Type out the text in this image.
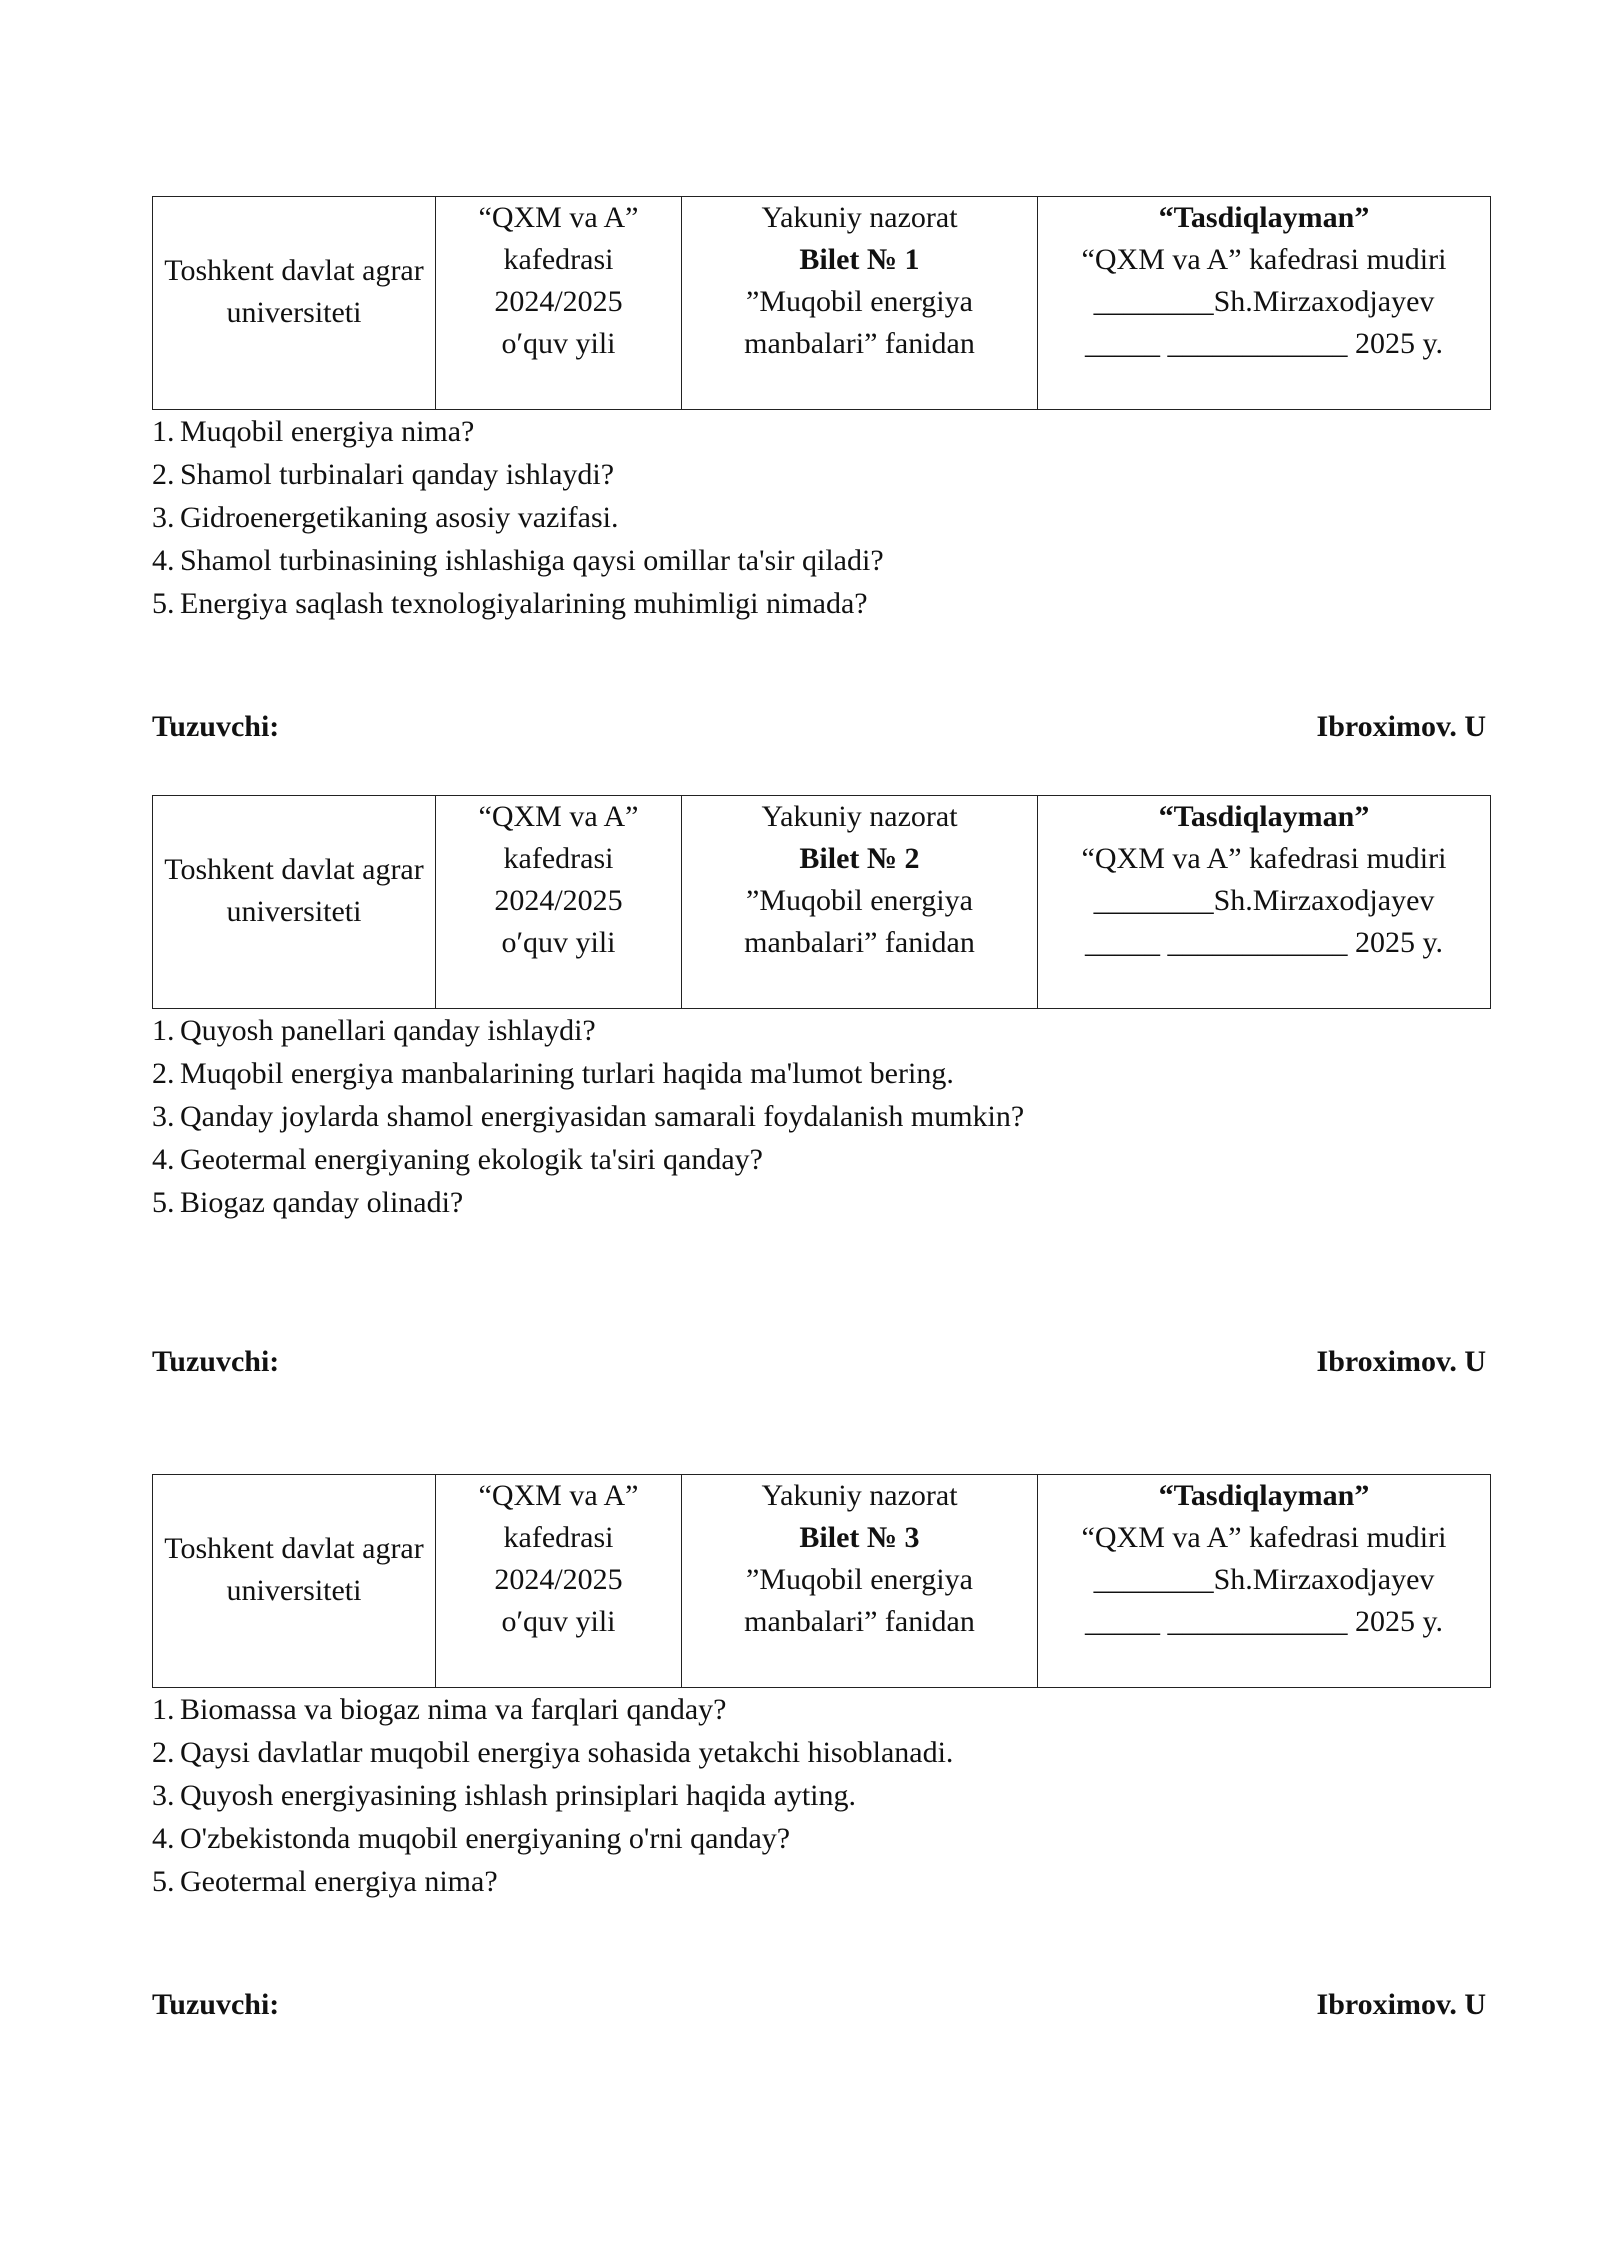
Toshkent davlat agrar universiteti

“QXM va A”
kafedrasi
2024/2025
o′quv yili

Yakuniy nazorat
Bilet № 1
”Muqobil energiya
manbalari” fanidan

“Tasdiqlayman”
“QXM va A” kafedrasi mudiri
________Sh.Mirzaxodjayev
_____ ____________ 2025 y.
1. Muqobil energiya nima?
2. Shamol turbinalari qanday ishlaydi?
3. Gidroenergetikaning asosiy vazifasi.
4. Shamol turbinasining ishlashiga qaysi omillar ta'sir qiladi?
5. Energiya saqlash texnologiyalarining muhimligi nimada?
Tuzuvchi:	Ibroximov. U
Toshkent davlat agrar universiteti

“QXM va A”
kafedrasi
2024/2025
o′quv yili

Yakuniy nazorat
Bilet № 2
”Muqobil energiya
manbalari” fanidan

“Tasdiqlayman”
“QXM va A” kafedrasi mudiri
________Sh.Mirzaxodjayev
_____ ____________ 2025 y.
1. Quyosh panellari qanday ishlaydi?
2. Muqobil energiya manbalarining turlari haqida ma'lumot bering.
3. Qanday joylarda shamol energiyasidan samarali foydalanish mumkin?
4. Geotermal energiyaning ekologik ta'siri qanday?
5. Biogaz qanday olinadi?
Tuzuvchi:	Ibroximov. U
Toshkent davlat agrar universiteti

“QXM va A”
kafedrasi
2024/2025
o′quv yili

Yakuniy nazorat
Bilet № 3
”Muqobil energiya
manbalari” fanidan

“Tasdiqlayman”
“QXM va A” kafedrasi mudiri
________Sh.Mirzaxodjayev
_____ ____________ 2025 y.
1. Biomassa va biogaz nima va farqlari qanday?
2. Qaysi davlatlar muqobil energiya sohasida yetakchi hisoblanadi.
3. Quyosh energiyasining ishlash prinsiplari haqida ayting.
4. O'zbekistonda muqobil energiyaning o'rni qanday?
5. Geotermal energiya nima?
Tuzuvchi:	Ibroximov. U
